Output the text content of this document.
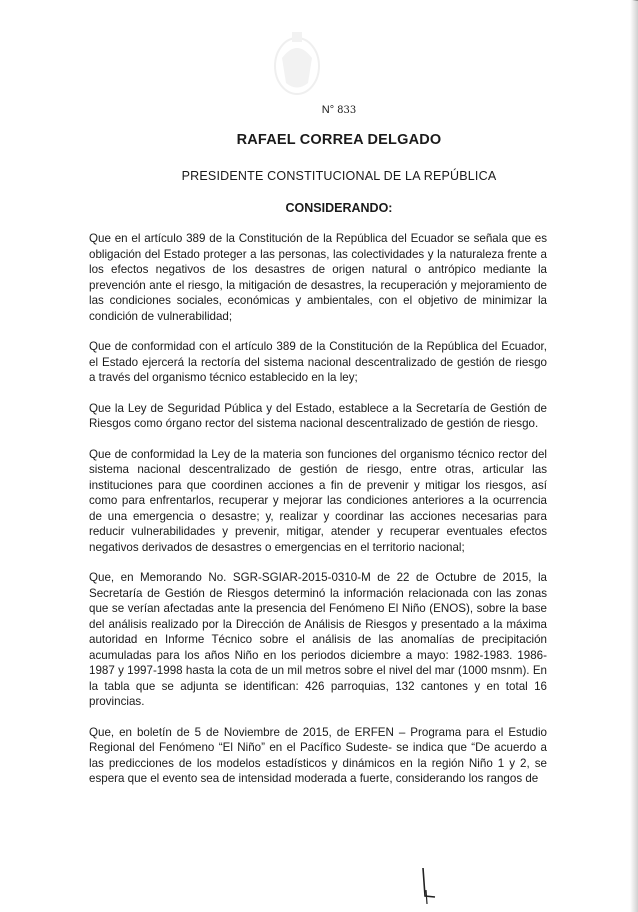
N° 833
RAFAEL CORREA DELGADO
PRESIDENTE CONSTITUCIONAL DE LA REPÚBLICA
CONSIDERANDO:

Que en el artículo 389 de la Constitución de la República del Ecuador se señala que es obligación del Estado proteger a las personas, las colectividades y la naturaleza frente a los efectos negativos de los desastres de origen natural o antrópico mediante la prevención ante el riesgo, la mitigación de desastres, la recuperación y mejoramiento de las condiciones sociales, económicas y ambientales, con el objetivo de minimizar la condición de vulnerabilidad;

Que de conformidad con el artículo 389 de la Constitución de la República del Ecuador, el Estado ejercerá la rectoría del sistema nacional descentralizado de gestión de riesgo a través del organismo técnico establecido en la ley;

Que la Ley de Seguridad Pública y del Estado, establece a la Secretaría de Gestión de Riesgos como órgano rector del sistema nacional descentralizado de gestión de riesgo.

Que de conformidad la Ley de la materia son funciones del organismo técnico rector del sistema nacional descentralizado de gestión de riesgo, entre otras, articular las instituciones para que coordinen acciones a fin de prevenir y mitigar los riesgos, así como para enfrentarlos, recuperar y mejorar las condiciones anteriores a la ocurrencia de una emergencia o desastre; y, realizar y coordinar las acciones necesarias para reducir vulnerabilidades y prevenir, mitigar, atender y recuperar eventuales efectos negativos derivados de desastres o emergencias en el territorio nacional;

Que, en Memorando No. SGR-SGIAR-2015-0310-M de 22 de Octubre de 2015, la Secretaría de Gestión de Riesgos determinó la información relacionada con las zonas que se verían afectadas ante la presencia del Fenómeno El Niño (ENOS), sobre la base del análisis realizado por la Dirección de Análisis de Riesgos y presentado a la máxima autoridad en Informe Técnico sobre el análisis de las anomalías de precipitación acumuladas para los años Niño en los periodos diciembre a mayo: 1982-1983. 1986-1987 y 1997-1998 hasta la cota de un mil metros sobre el nivel del mar (1000 msnm). En la tabla que se adjunta se identifican: 426 parroquias, 132 cantones y en total 16 provincias.

Que, en boletín de 5 de Noviembre de 2015, de ERFEN – Programa para el Estudio Regional del Fenómeno “El Niño” en el Pacífico Sudeste- se indica que “De acuerdo a las predicciones de los modelos estadísticos y dinámicos en la región Niño 1 y 2, se espera que el evento sea de intensidad moderada a fuerte, considerando los rangos de
